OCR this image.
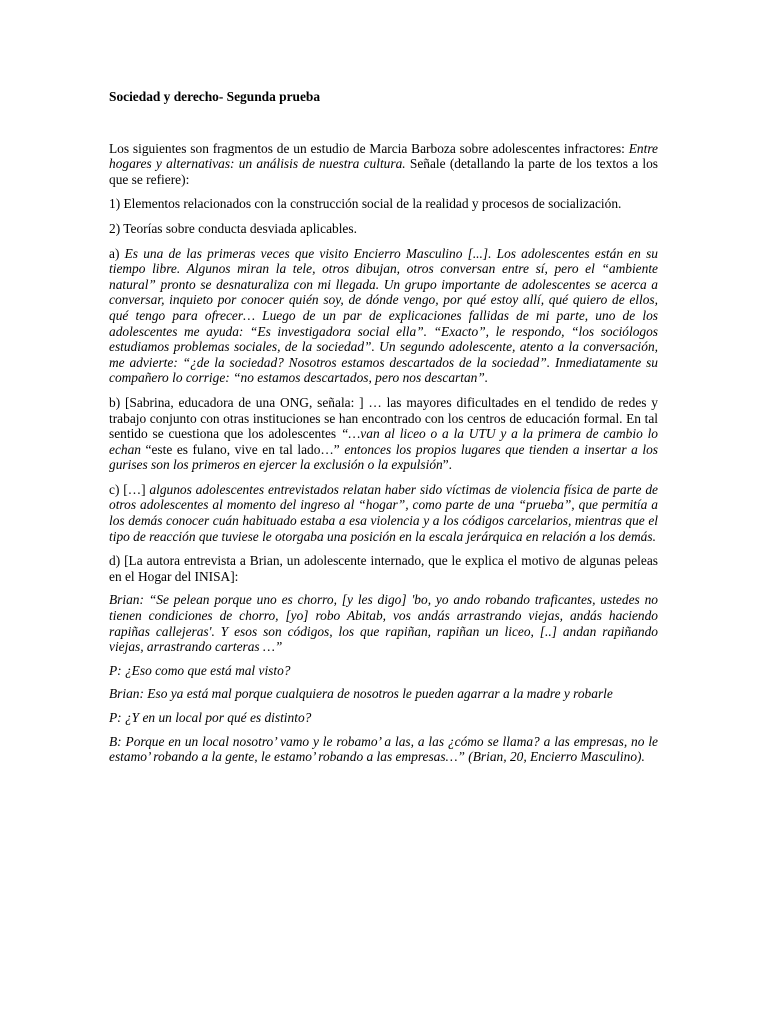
Sociedad y derecho- Segunda prueba

Los siguientes son fragmentos de un estudio de Marcia Barboza sobre adolescentes infractores: Entre hogares y alternativas: un análisis de nuestra cultura. Señale (detallando la parte de los textos a los que se refiere):

1) Elementos relacionados con la construcción social de la realidad y procesos de socialización.

2) Teorías sobre conducta desviada aplicables.

a) Es una de las primeras veces que visito Encierro Masculino [...]. Los adolescentes están en su tiempo libre. Algunos miran la tele, otros dibujan, otros conversan entre sí, pero el “ambiente natural” pronto se desnaturaliza con mi llegada. Un grupo importante de adolescentes se acerca a conversar, inquieto por conocer quién soy, de dónde vengo, por qué estoy allí, qué quiero de ellos, qué tengo para ofrecer… Luego de un par de explicaciones fallidas de mi parte, uno de los adolescentes me ayuda: “Es investigadora social ella”. “Exacto”, le respondo, “los sociólogos estudiamos problemas sociales, de la sociedad”. Un segundo adolescente, atento a la conversación, me advierte: “¿de la sociedad? Nosotros estamos descartados de la sociedad”. Inmediatamente su compañero lo corrige: “no estamos descartados, pero nos descartan”.

b) [Sabrina, educadora de una ONG, señala: ] … las mayores dificultades en el tendido de redes y trabajo conjunto con otras instituciones se han encontrado con los centros de educación formal. En tal sentido se cuestiona que los adolescentes “…van al liceo o a la UTU y a la primera de cambio lo echan “este es fulano, vive en tal lado…” entonces los propios lugares que tienden a insertar a los gurises son los primeros en ejercer la exclusión o la expulsión”.

c) […] algunos adolescentes entrevistados relatan haber sido víctimas de violencia física de parte de otros adolescentes al momento del ingreso al “hogar”, como parte de una “prueba”, que permitía a los demás conocer cuán habituado estaba a esa violencia y a los códigos carcelarios, mientras que el tipo de reacción que tuviese le otorgaba una posición en la escala jerárquica en relación a los demás.

d) [La autora entrevista a Brian, un adolescente internado, que le explica el motivo de algunas peleas en el Hogar del INISA]:

Brian: “Se pelean porque uno es chorro, [y les digo] 'bo, yo ando robando traficantes, ustedes no tienen condiciones de chorro, [yo] robo Abitab, vos andás arrastrando viejas, andás haciendo rapiñas callejeras'. Y esos son códigos, los que rapiñan, rapiñan un liceo, [..] andan rapiñando viejas, arrastrando carteras …”

P: ¿Eso como que está mal visto?

Brian: Eso ya está mal porque cualquiera de nosotros le pueden agarrar a la madre y robarle

P: ¿Y en un local por qué es distinto?

B: Porque en un local nosotro’ vamo y le robamo’ a las, a las ¿cómo se llama? a las empresas, no le estamo’ robando a la gente, le estamo’ robando a las empresas…” (Brian, 20, Encierro Masculino).
